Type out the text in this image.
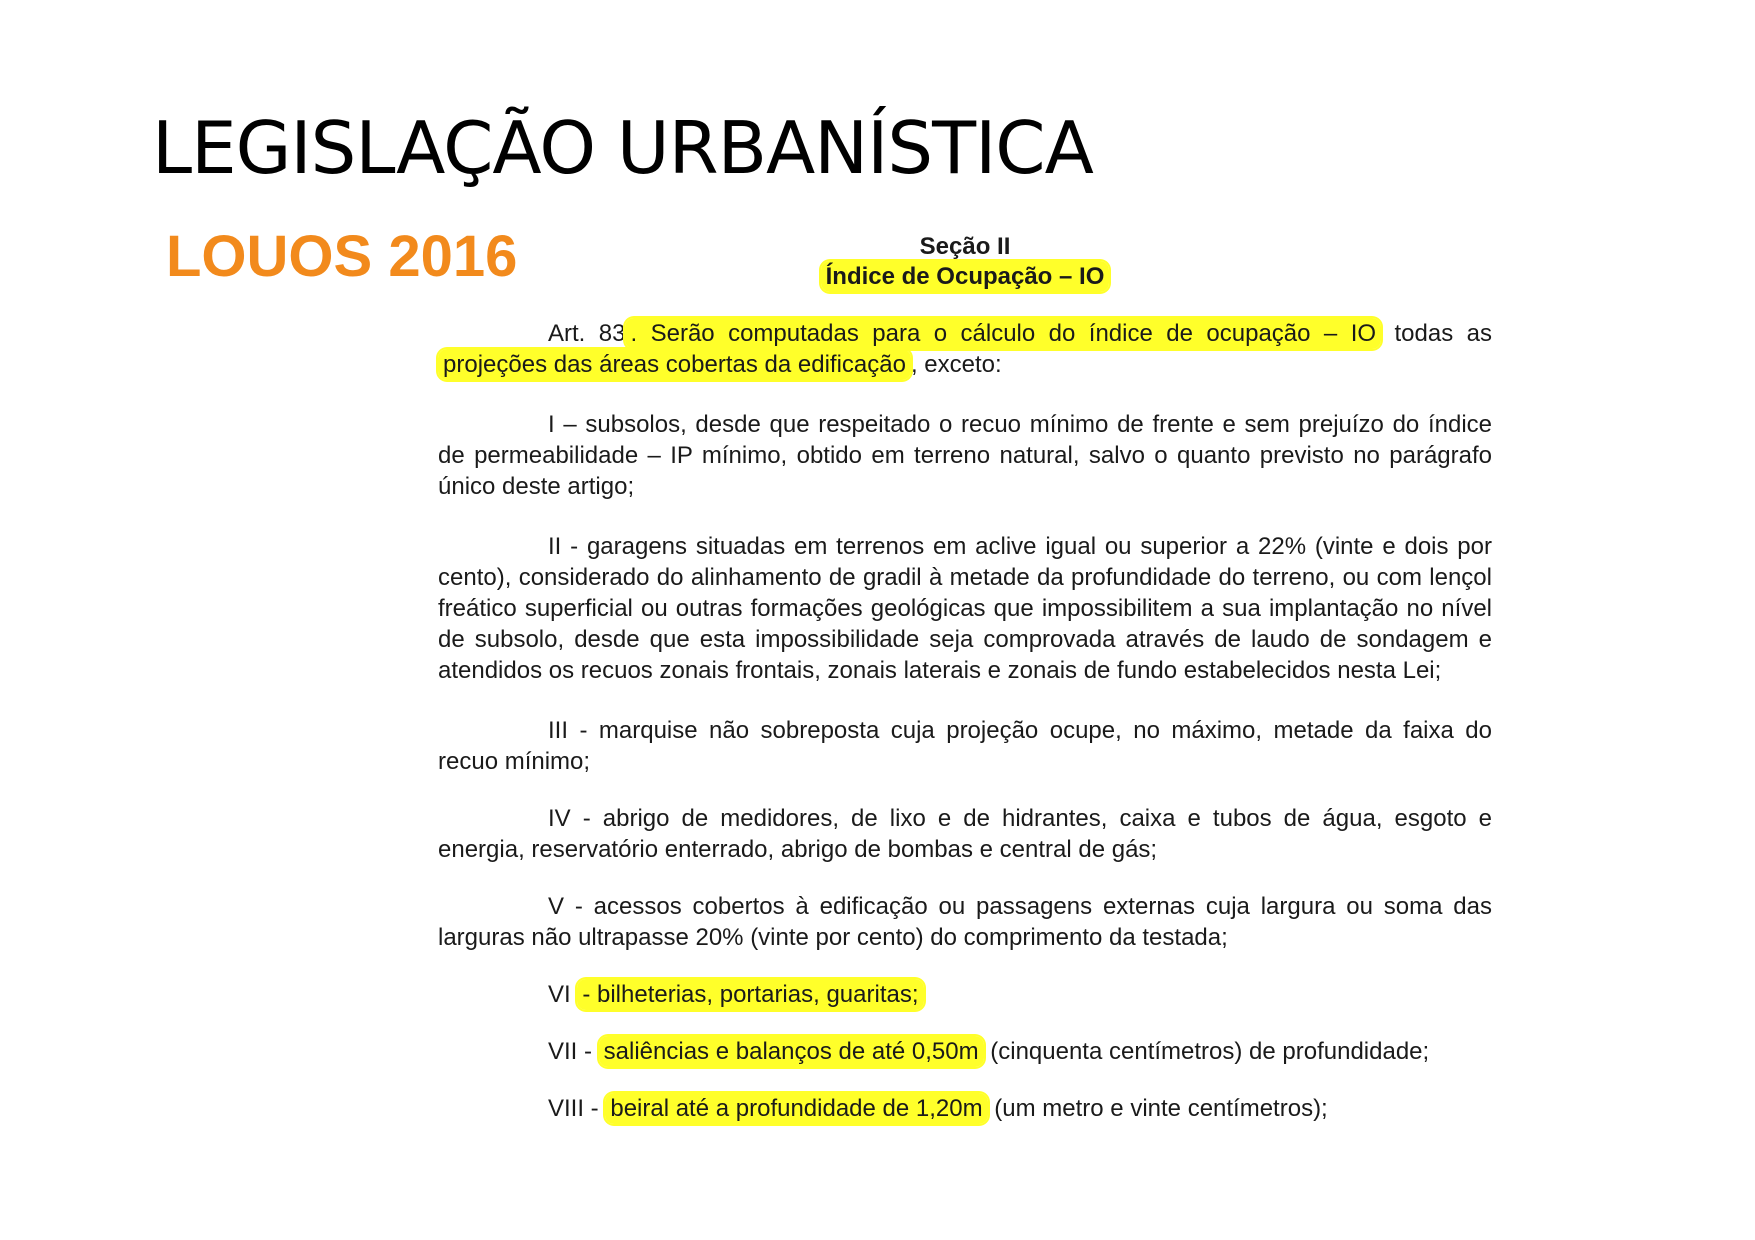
LEGISLAÇÃO URBANÍSTICA
LOUOS 2016	Seção II
Índice de Ocupação – IO

Art. 83 . Serão computadas para o cálculo do índice de ocupação – IO todas as projeções das áreas cobertas da edificação , exceto:

I – subsolos, desde que respeitado o recuo mínimo de frente e sem prejuízo do índice de permeabilidade – IP mínimo, obtido em terreno natural, salvo o quanto previsto no parágrafo único deste artigo;

II - garagens situadas em terrenos em aclive igual ou superior a 22% (vinte e dois por cento), considerado do alinhamento de gradil à metade da profundidade do terreno, ou com lençol freático superficial ou outras formações geológicas que impossibilitem a sua implantação no nível de subsolo, desde que esta impossibilidade seja comprovada através de laudo de sondagem e atendidos os recuos zonais frontais, zonais laterais e zonais de fundo estabelecidos nesta Lei;

III - marquise não sobreposta cuja projeção ocupe, no máximo, metade da faixa do recuo mínimo;

IV - abrigo de medidores, de lixo e de hidrantes, caixa e tubos de água, esgoto e energia, reservatório enterrado, abrigo de bombas e central de gás;

V - acessos cobertos à edificação ou passagens externas cuja largura ou soma das larguras não ultrapasse 20% (vinte por cento) do comprimento da testada;

VI - bilheterias, portarias, guaritas;

VII - saliências e balanços de até 0,50m (cinquenta centímetros) de profundidade;

VIII - beiral até a profundidade de 1,20m (um metro e vinte centímetros);
